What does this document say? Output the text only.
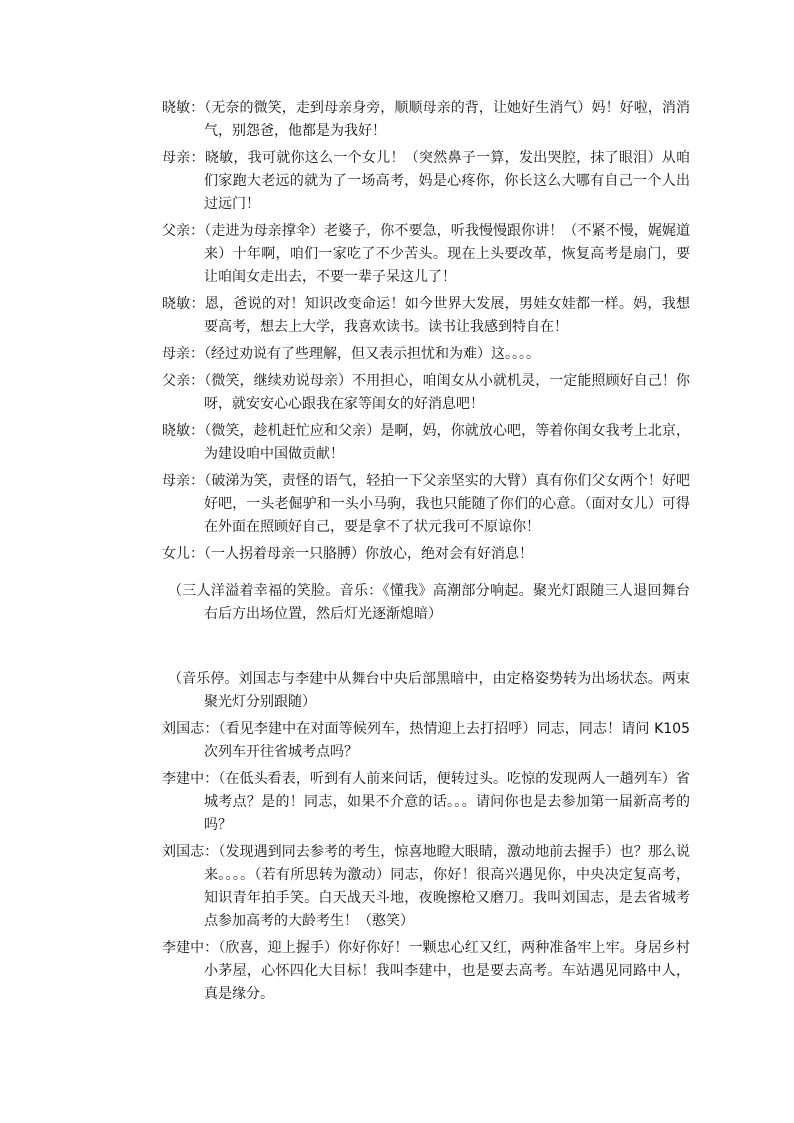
晓敏：（无奈的微笑，走到母亲身旁，顺顺母亲的背，让她好生消气）妈！好啦，消消气，别怨爸，他都是为我好！

母亲：晓敏，我可就你这么一个女儿！（突然鼻子一算，发出哭腔，抹了眼泪）从咱们家跑大老远的就为了一场高考，妈是心疼你，你长这么大哪有自己一个人出过远门！

父亲：（走进为母亲撑伞）老婆子，你不要急，听我慢慢跟你讲！（不紧不慢，娓娓道来）十年啊，咱们一家吃了不少苦头。现在上头要改革，恢复高考是扇门，要让咱闺女走出去，不要一辈子呆这儿了！

晓敏：恩，爸说的对！知识改变命运！如今世界大发展，男娃女娃都一样。妈，我想要高考，想去上大学，我喜欢读书。读书让我感到特自在！

母亲：（经过劝说有了些理解，但又表示担忧和为难）这。。。。

父亲：（微笑，继续劝说母亲）不用担心，咱闺女从小就机灵，一定能照顾好自己！你呀，就安安心心跟我在家等闺女的好消息吧！

晓敏：（微笑，趁机赶忙应和父亲）是啊，妈，你就放心吧，等着你闺女我考上北京，为建设咱中国做贡献！

母亲：（破涕为笑，责怪的语气，轻拍一下父亲坚实的大臂）真有你们父女两个！好吧好吧，一头老倔驴和一头小马驹，我也只能随了你们的心意。（面对女儿）可得在外面在照顾好自己，要是拿不了状元我可不原谅你！

女儿：（一人拐着母亲一只胳膊）你放心，绝对会有好消息！

（三人洋溢着幸福的笑脸。音乐：《懂我》高潮部分响起。聚光灯跟随三人退回舞台右后方出场位置，然后灯光逐渐熄暗）

（音乐停。刘国志与李建中从舞台中央后部黑暗中，由定格姿势转为出场状态。两束聚光灯分别跟随）

刘国志：（看见李建中在对面等候列车，热情迎上去打招呼）同志，同志！请问 K105次列车开往省城考点吗？

李建中：（在低头看表，听到有人前来问话，便转过头。吃惊的发现两人一趟列车）省城考点？是的！同志，如果不介意的话。。。请问你也是去参加第一届新高考的吗？

刘国志：（发现遇到同去参考的考生，惊喜地瞪大眼睛，激动地前去握手）也？那么说来。。。。（若有所思转为激动）同志，你好！很高兴遇见你，中央决定复高考，知识青年拍手笑。白天战天斗地，夜晚擦枪又磨刀。我叫刘国志，是去省城考点参加高考的大龄考生！（憨笑）

李建中：（欣喜，迎上握手）你好你好！一颗忠心红又红，两种准备牢上牢。身居乡村小茅屋，心怀四化大目标！我叫李建中，也是要去高考。车站遇见同路中人，真是缘分。
